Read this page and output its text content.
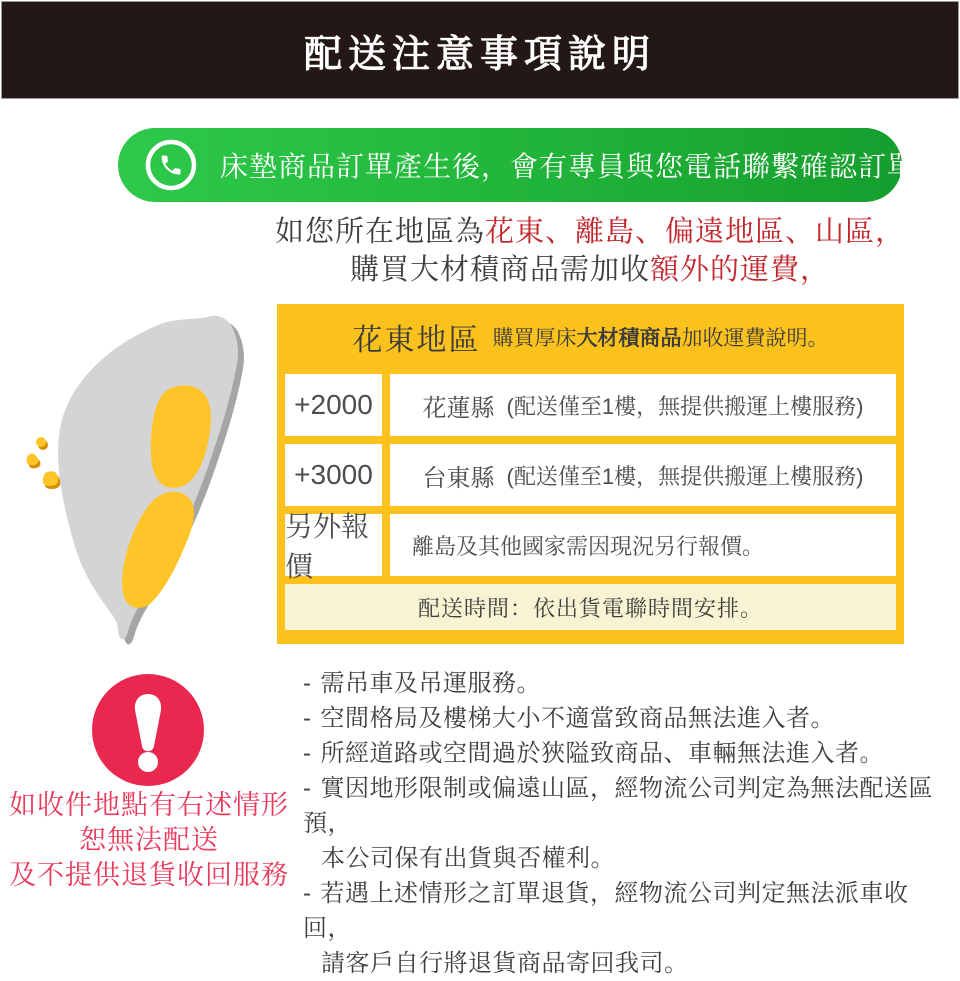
配送注意事項說明
床墊商品訂單產生後，會有專員與您電話聯繫確認訂單。
如您所在地區為花東、離島、偏遠地區、山區，
購買大材積商品需加收額外的運費，
花東地區 購買厚床 大材積商品 加收運費說明。
+2000	花蓮縣 (配送僅至1樓，無提供搬運上樓服務)
+3000	台東縣 (配送僅至1樓，無提供搬運上樓服務)
另外報價
離島及其他國家需因現況另行報價。
配送時間：依出貨電聯時間安排。
如收件地點有右述情形
恕無法配送
及不提供退貨收回服務
- 需吊車及吊運服務。
- 空間格局及樓梯大小不適當致商品無法進入者。
- 所經道路或空間過於狹隘致商品、車輛無法進入者。
- 實因地形限制或偏遠山區，經物流公司判定為無法配送區預，
本公司保有出貨與否權利。
- 若遇上述情形之訂單退貨，經物流公司判定無法派車收回，
請客戶自行將退貨商品寄回我司。
